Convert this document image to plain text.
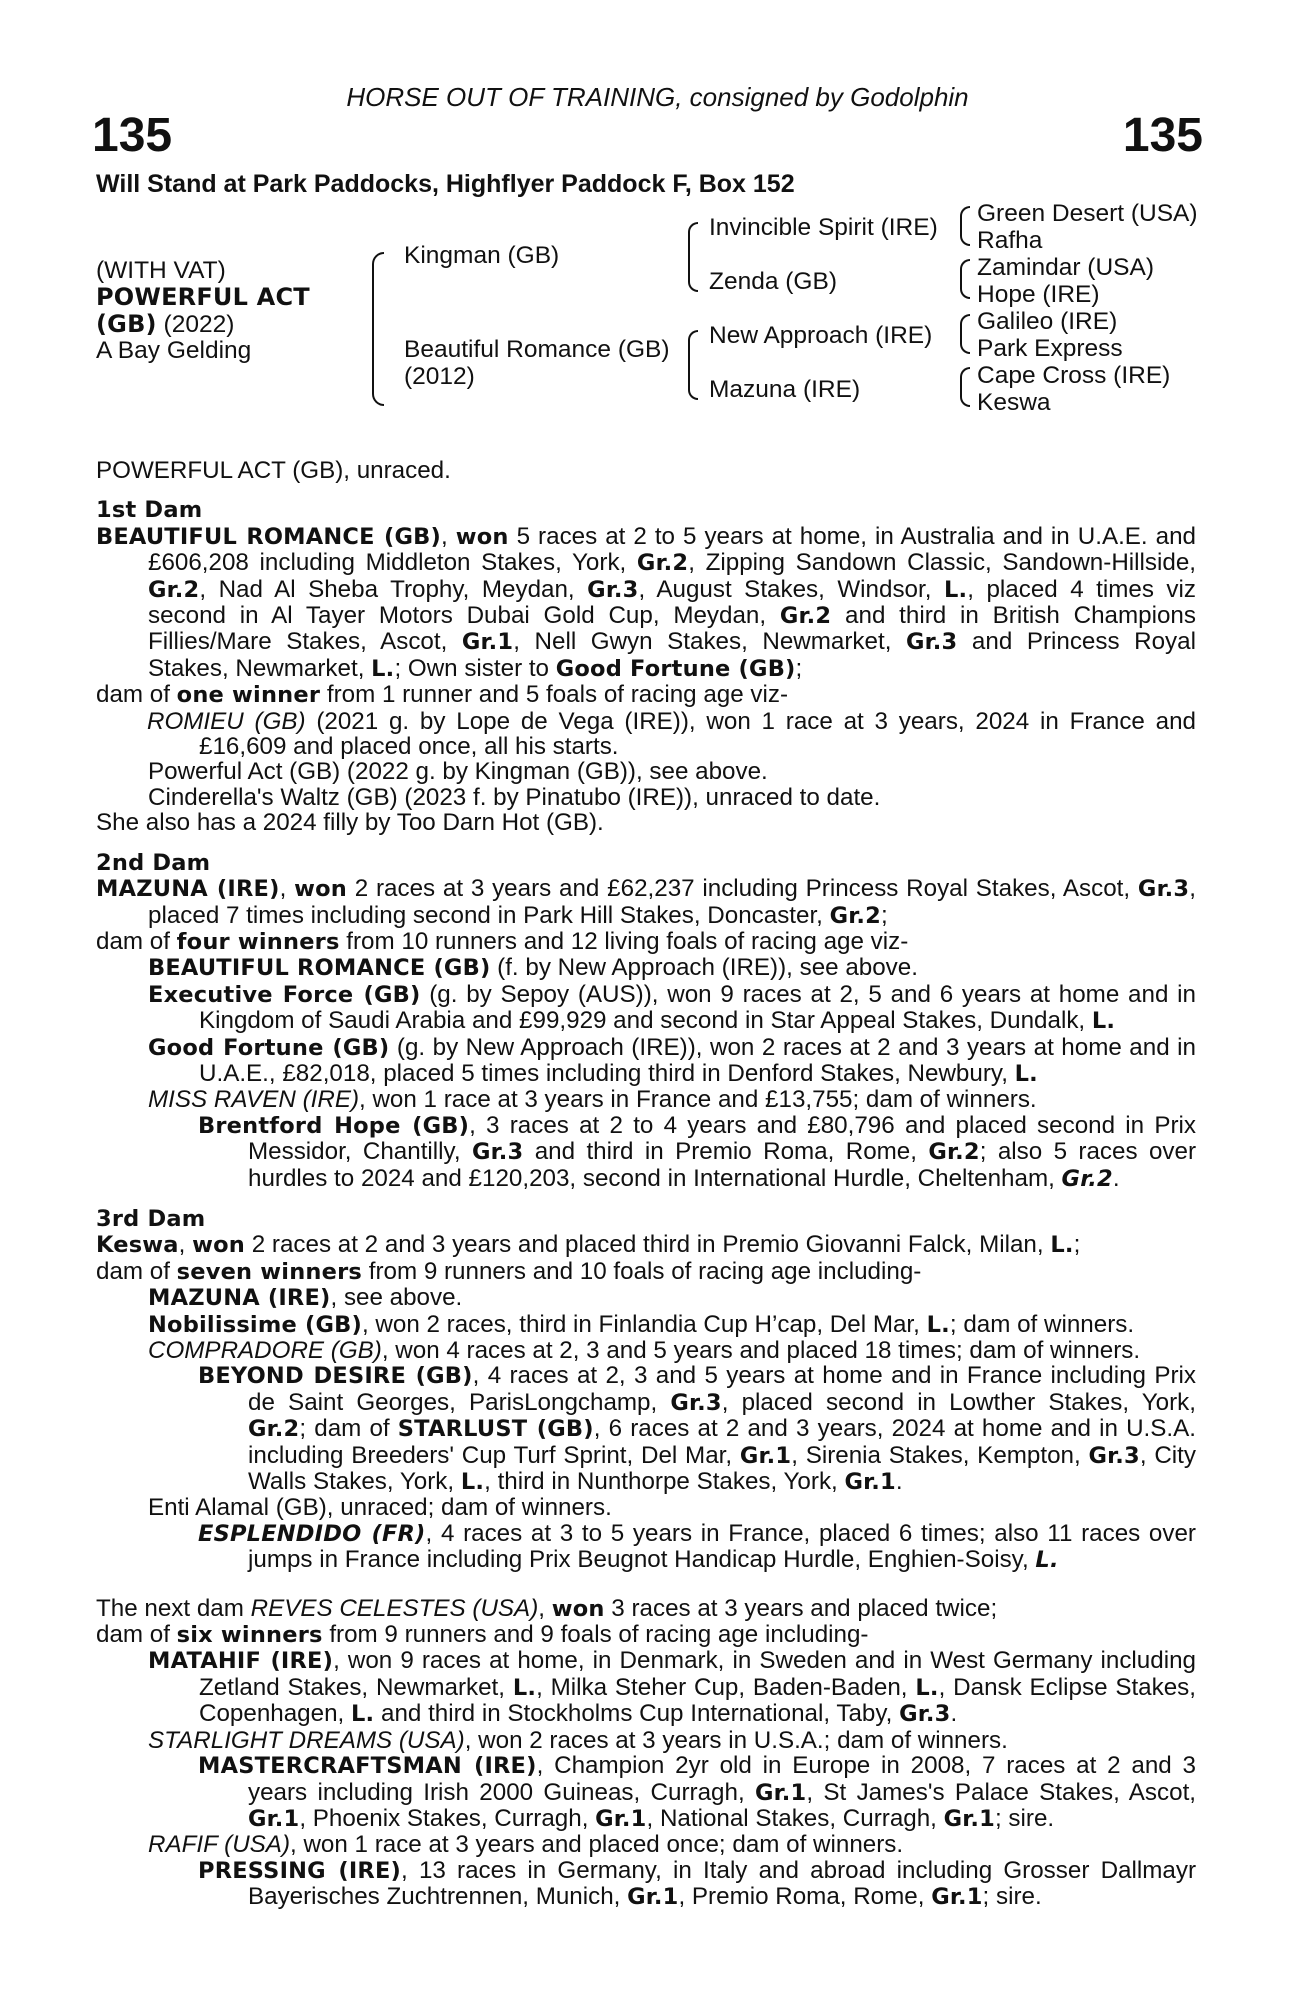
HORSE OUT OF TRAINING, consigned by Godolphin
135	135
Will Stand at Park Paddocks, Highflyer Paddock F, Box 152
(WITH VAT)
POWERFUL ACT
(GB) (2022)
A Bay Gelding
Kingman (GB)
Beautiful Romance (GB)
(2012)
Invincible Spirit (IRE)
Zenda (GB)
New Approach (IRE)
Mazuna (IRE)
Green Desert (USA)
Rafha
Zamindar (USA)
Hope (IRE)
Galileo (IRE)
Park Express
Cape Cross (IRE)
Keswa

POWERFUL ACT (GB), unraced.

1st Dam

BEAUTIFUL ROMANCE (GB), won 5 races at 2 to 5 years at home, in Australia and in U.A.E. and £606,208 including Middleton Stakes, York, Gr.2, Zipping Sandown Classic, Sandown-Hillside, Gr.2, Nad Al Sheba Trophy, Meydan, Gr.3, August Stakes, Windsor, L., placed 4 times viz second in Al Tayer Motors Dubai Gold Cup, Meydan, Gr.2 and third in British Champions Fillies/Mare Stakes, Ascot, Gr.1, Nell Gwyn Stakes, Newmarket, Gr.3 and Princess Royal Stakes, Newmarket, L.; Own sister to Good Fortune (GB);

dam of one winner from 1 runner and 5 foals of racing age viz-

ROMIEU (GB) (2021 g. by Lope de Vega (IRE)), won 1 race at 3 years, 2024 in France and £16,609 and placed once, all his starts.

Powerful Act (GB) (2022 g. by Kingman (GB)), see above.

Cinderella's Waltz (GB) (2023 f. by Pinatubo (IRE)), unraced to date.

She also has a 2024 filly by Too Darn Hot (GB).

2nd Dam

MAZUNA (IRE), won 2 races at 3 years and £62,237 including Princess Royal Stakes, Ascot, Gr.3, placed 7 times including second in Park Hill Stakes, Doncaster, Gr.2;

dam of four winners from 10 runners and 12 living foals of racing age viz-

BEAUTIFUL ROMANCE (GB) (f. by New Approach (IRE)), see above.

Executive Force (GB) (g. by Sepoy (AUS)), won 9 races at 2, 5 and 6 years at home and in Kingdom of Saudi Arabia and £99,929 and second in Star Appeal Stakes, Dundalk, L.

Good Fortune (GB) (g. by New Approach (IRE)), won 2 races at 2 and 3 years at home and in U.A.E., £82,018, placed 5 times including third in Denford Stakes, Newbury, L.

MISS RAVEN (IRE), won 1 race at 3 years in France and £13,755; dam of winners.

Brentford Hope (GB), 3 races at 2 to 4 years and £80,796 and placed second in Prix Messidor, Chantilly, Gr.3 and third in Premio Roma, Rome, Gr.2; also 5 races over hurdles to 2024 and £120,203, second in International Hurdle, Cheltenham, Gr.2.

3rd Dam

Keswa, won 2 races at 2 and 3 years and placed third in Premio Giovanni Falck, Milan, L.;

dam of seven winners from 9 runners and 10 foals of racing age including-

MAZUNA (IRE), see above.

Nobilissime (GB), won 2 races, third in Finlandia Cup H’cap, Del Mar, L.; dam of winners.

COMPRADORE (GB), won 4 races at 2, 3 and 5 years and placed 18 times; dam of winners.

BEYOND DESIRE (GB), 4 races at 2, 3 and 5 years at home and in France including Prix de Saint Georges, ParisLongchamp, Gr.3, placed second in Lowther Stakes, York, Gr.2; dam of STARLUST (GB), 6 races at 2 and 3 years, 2024 at home and in U.S.A. including Breeders' Cup Turf Sprint, Del Mar, Gr.1, Sirenia Stakes, Kempton, Gr.3, City Walls Stakes, York, L., third in Nunthorpe Stakes, York, Gr.1.

Enti Alamal (GB), unraced; dam of winners.

ESPLENDIDO (FR), 4 races at 3 to 5 years in France, placed 6 times; also 11 races over jumps in France including Prix Beugnot Handicap Hurdle, Enghien-Soisy, L.

The next dam REVES CELESTES (USA), won 3 races at 3 years and placed twice;

dam of six winners from 9 runners and 9 foals of racing age including-

MATAHIF (IRE), won 9 races at home, in Denmark, in Sweden and in West Germany including Zetland Stakes, Newmarket, L., Milka Steher Cup, Baden-Baden, L., Dansk Eclipse Stakes, Copenhagen, L. and third in Stockholms Cup International, Taby, Gr.3.

STARLIGHT DREAMS (USA), won 2 races at 3 years in U.S.A.; dam of winners.

MASTERCRAFTSMAN (IRE), Champion 2yr old in Europe in 2008, 7 races at 2 and 3 years including Irish 2000 Guineas, Curragh, Gr.1, St James's Palace Stakes, Ascot, Gr.1, Phoenix Stakes, Curragh, Gr.1, National Stakes, Curragh, Gr.1; sire.

RAFIF (USA), won 1 race at 3 years and placed once; dam of winners.

PRESSING (IRE), 13 races in Germany, in Italy and abroad including Grosser Dallmayr Bayerisches Zuchtrennen, Munich, Gr.1, Premio Roma, Rome, Gr.1; sire.
